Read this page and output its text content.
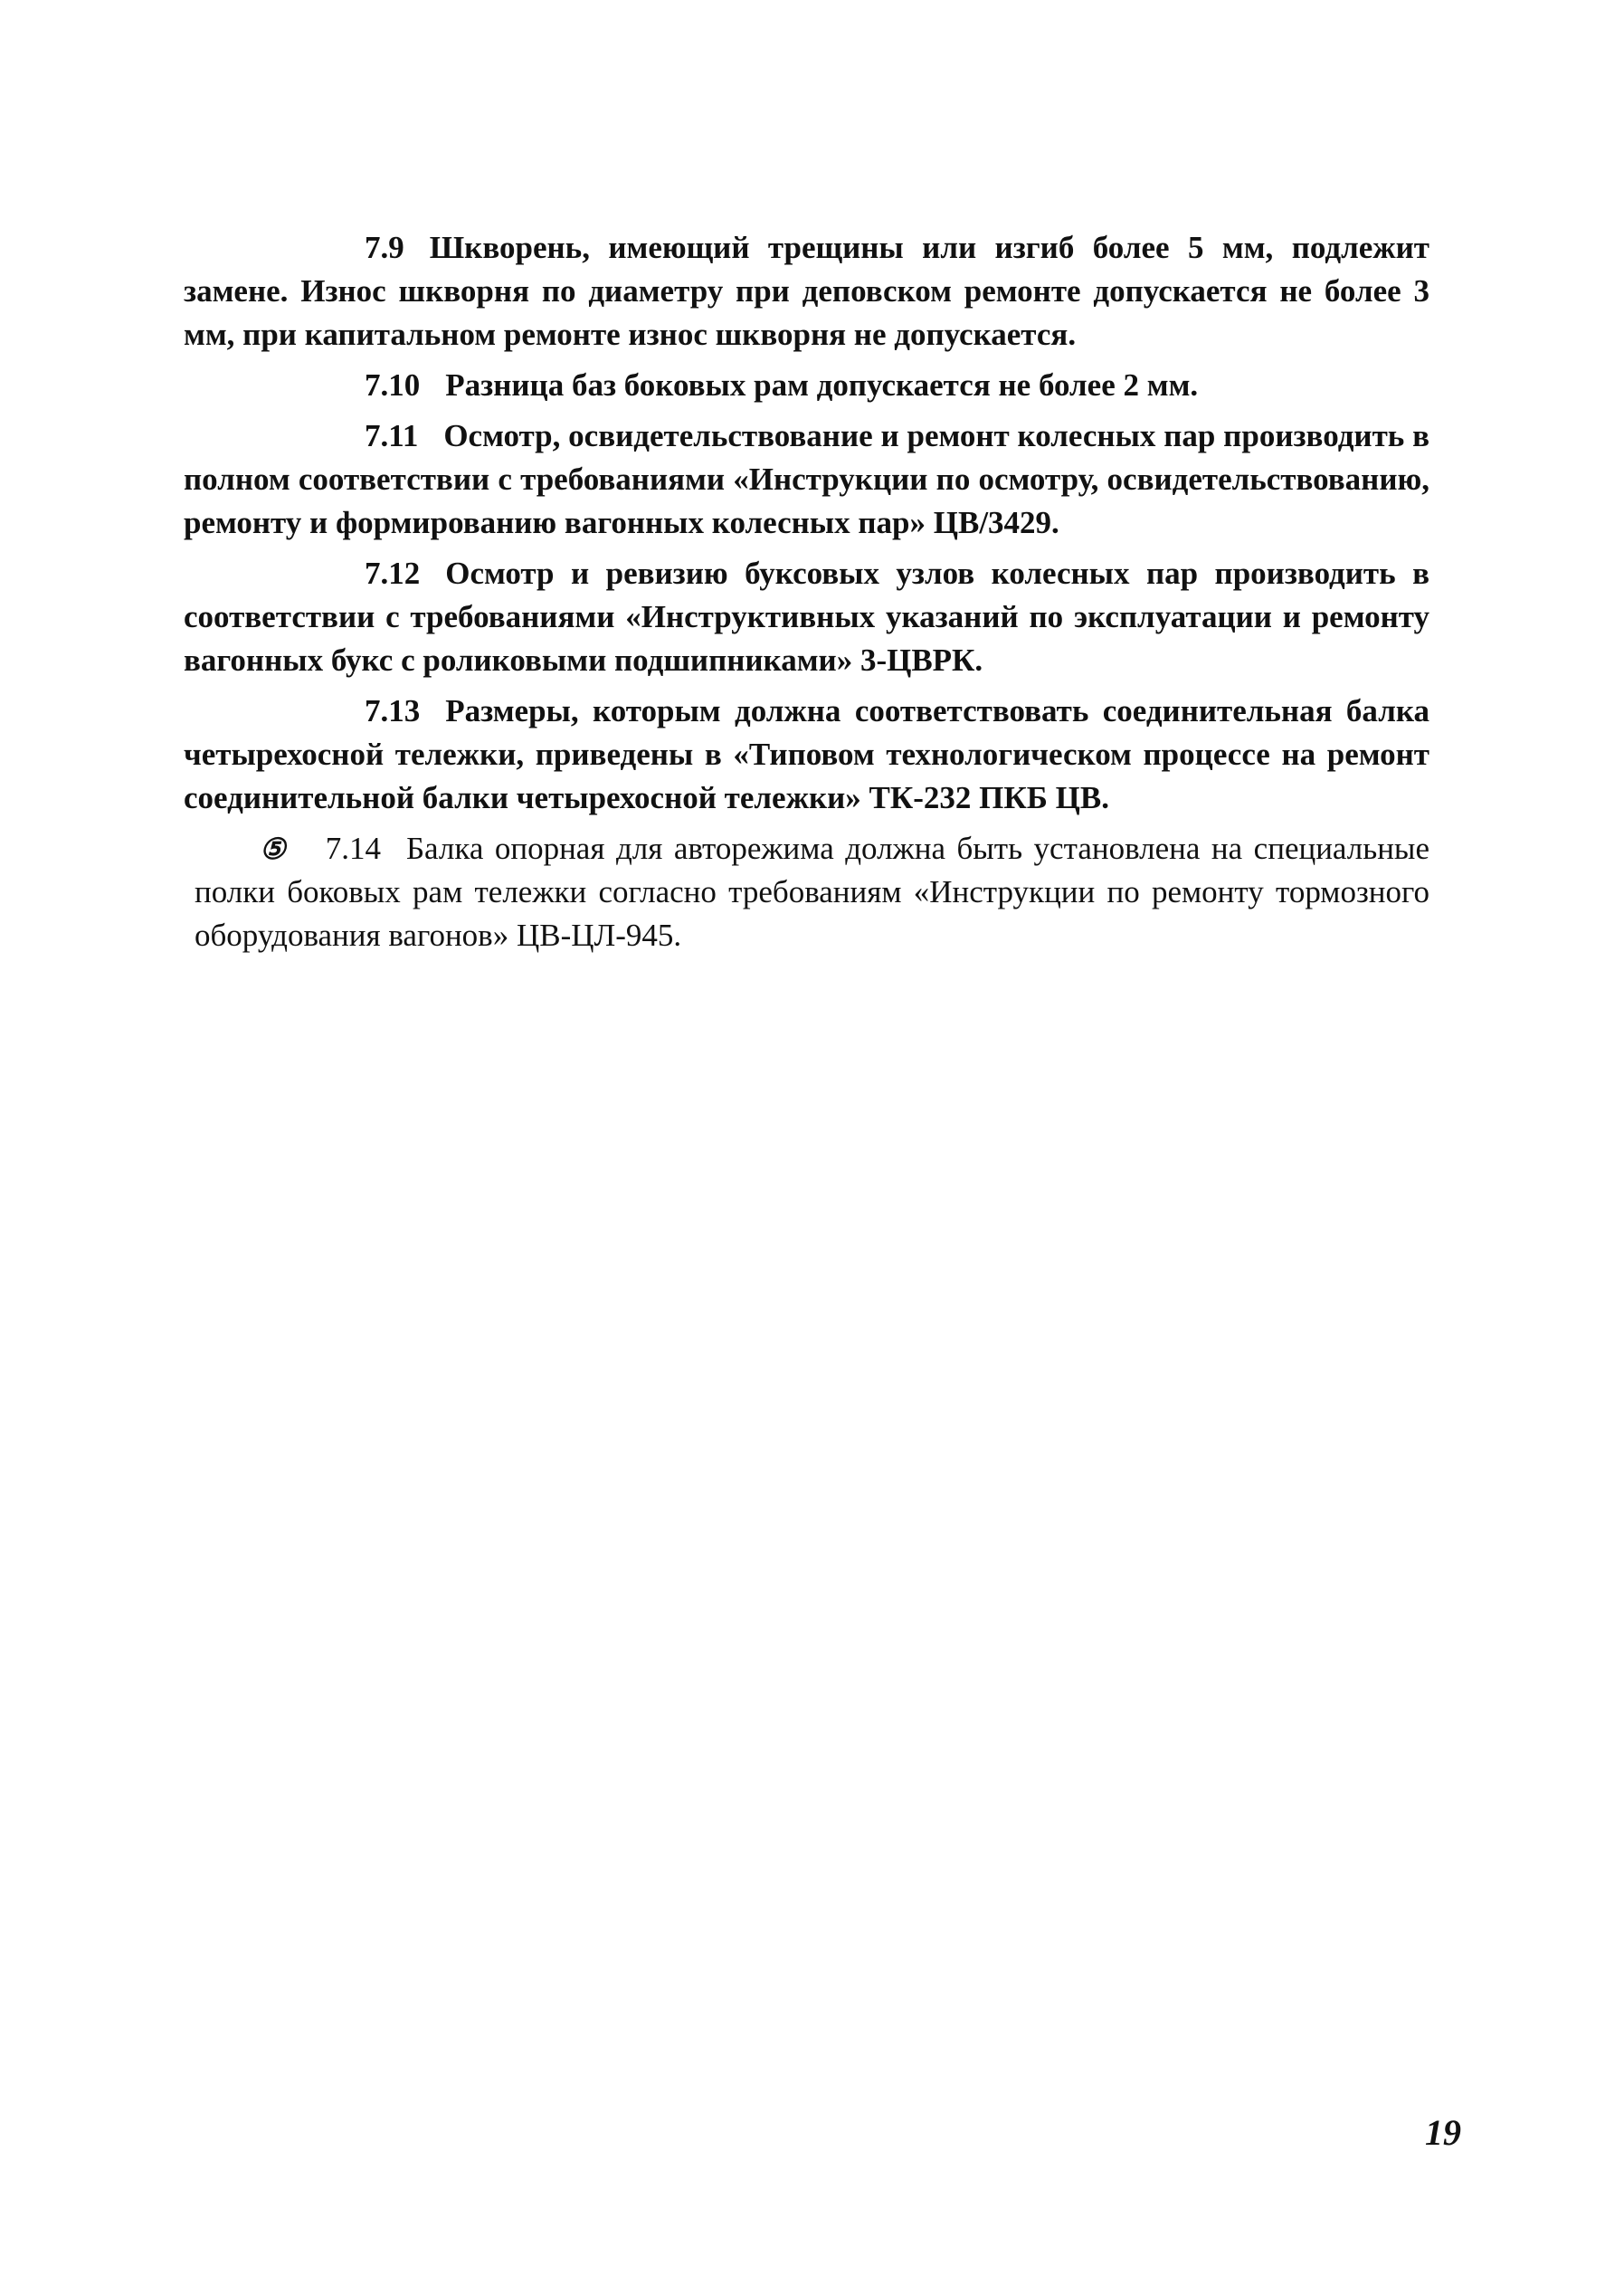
7.9 Шкворень, имеющий трещины или изгиб более 5 мм, подлежит замене. Износ шкворня по диаметру при деповском ремонте допускается не более 3 мм, при капитальном ремонте износ шкворня не допускается.

7.10 Разница баз боковых рам допускается не более 2 мм.

7.11 Осмотр, освидетельствование и ремонт колесных пар производить в полном соответствии с требованиями «Инструкции по осмотру, освидетельствованию, ремонту и формированию вагонных колесных пар» ЦВ/3429.

7.12 Осмотр и ревизию буксовых узлов колесных пар производить в соответствии с требованиями «Инструктивных указаний по эксплуатации и ремонту вагонных букс с роликовыми подшипниками» 3-ЦВРК.

7.13 Размеры, которым должна соответствовать соединительная балка четырехосной тележки, приведены в «Типовом технологическом процессе на ремонт соединительной балки четырехосной тележки» ТК-232 ПКБ ЦВ.

⑤ 7.14 Балка опорная для авторежима должна быть установлена на специальные полки боковых рам тележки согласно требованиям «Инструкции по ремонту тормозного оборудования вагонов» ЦВ-ЦЛ-945.

19
